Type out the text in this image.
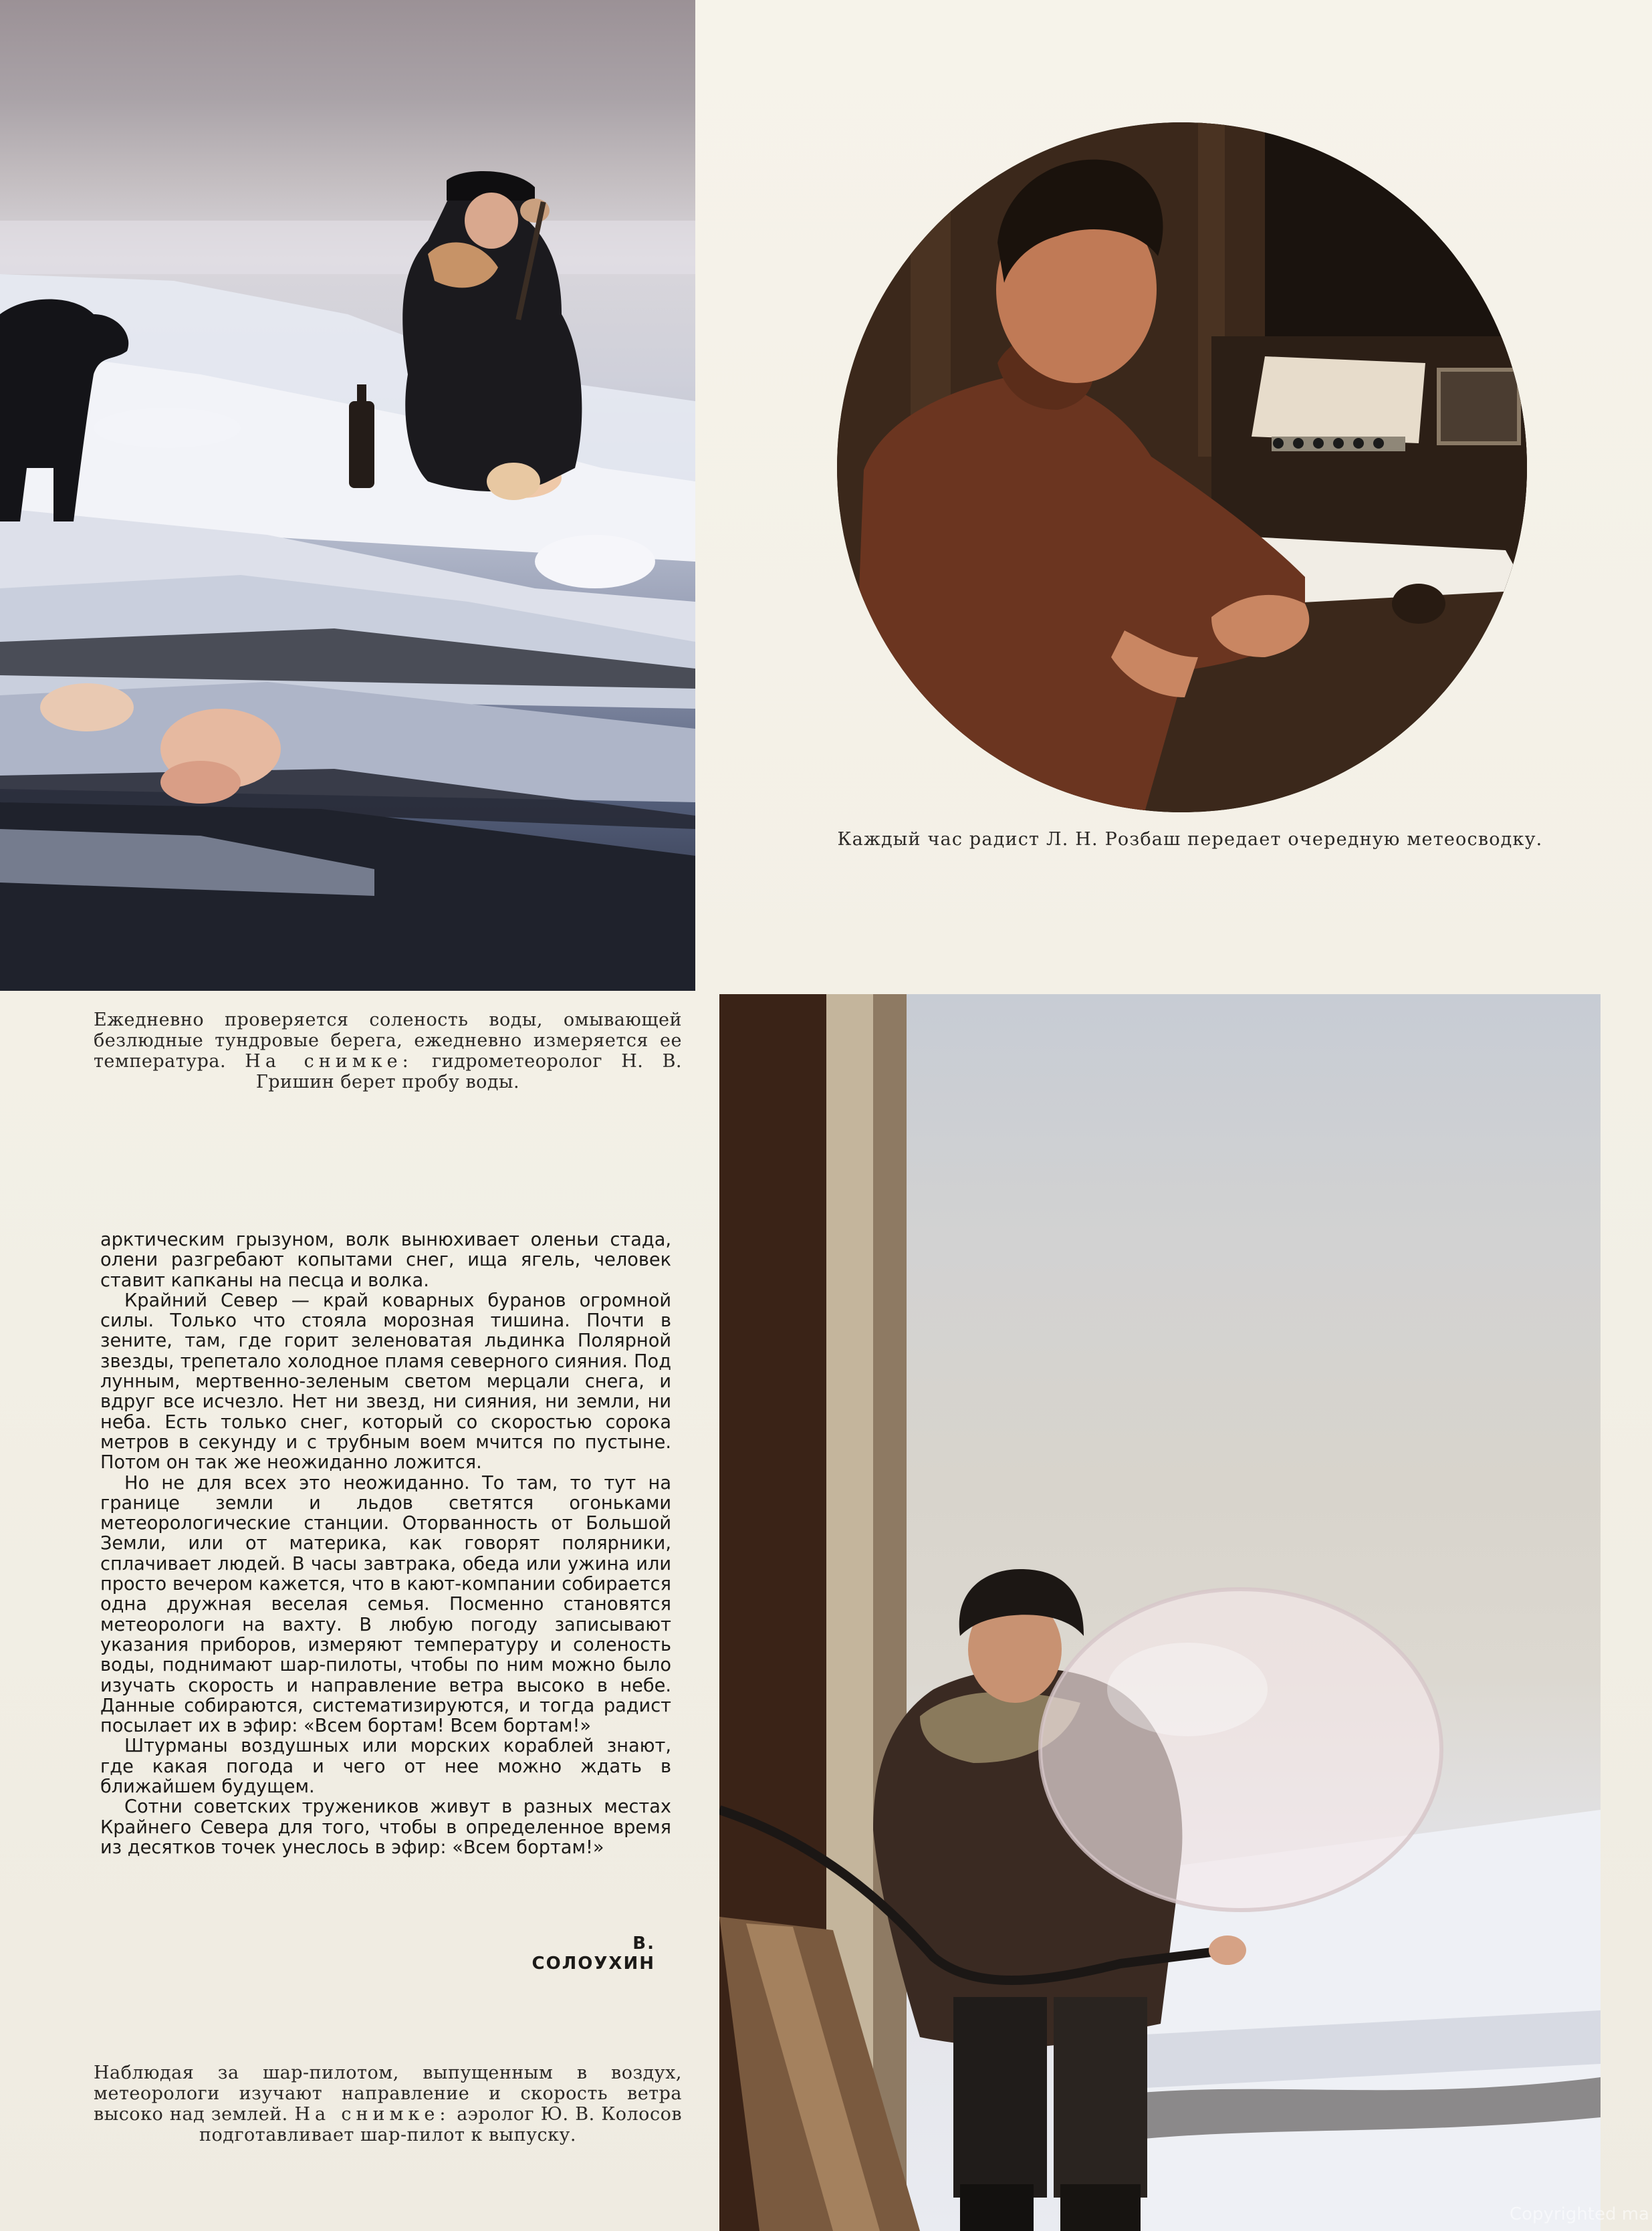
Каждый час радист Л. Н. Розбаш передает очередную метеосводку.
Ежедневно проверяется соленость воды, омывающей безлюдные тундровые берега, ежедневно измеряется ее температура. На снимке: гидрометеоролог Н. В. Гришин берет пробу воды.

арктическим грызуном, волк вынюхивает оленьи стада, олени разгребают копытами снег, ища ягель, человек ставит капканы на песца и волка.

Крайний Север — край коварных буранов огромной силы. Только что стояла морозная тишина. Почти в зените, там, где горит зеленоватая льдинка Полярной звезды, трепетало холодное пламя северного сияния. Под лунным, мертвенно-зеленым светом мерцали снега, и вдруг все исчезло. Нет ни звезд, ни сияния, ни земли, ни неба. Есть только снег, который со скоростью сорока метров в секунду и с трубным воем мчится по пустыне. Потом он так же неожиданно ложится.

Но не для всех это неожиданно. То там, то тут на границе земли и льдов светятся огоньками метеорологические станции. Оторванность от Большой Земли, или от материка, как говорят полярники, сплачивает людей. В часы завтрака, обеда или ужина или просто вечером кажется, что в кают-компании собирается одна дружная веселая семья. Посменно становятся метеорологи на вахту. В любую погоду записывают указания приборов, измеряют температуру и соленость воды, поднимают шар-пилоты, чтобы по ним можно было изучать скорость и направление ветра высоко в небе. Данные собираются, систематизируются, и тогда радист посылает их в эфир: «Всем бортам! Всем бортам!»

Штурманы воздушных или морских кораблей знают, где какая погода и чего от нее можно ждать в ближайшем будущем.

Сотни советских тружеников живут в разных местах Крайнего Севера для того, чтобы в определенное время из десятков точек унеслось в эфир: «Всем бортам!»

В. СОЛОУХИН
Наблюдая за шар-пилотом, выпущенным в воздух, метеорологи изучают направление и скорость ветра высоко над землей. На снимке: аэролог Ю. В. Колосов подготавливает шар-пилот к выпуску.
Copyrighted ma
